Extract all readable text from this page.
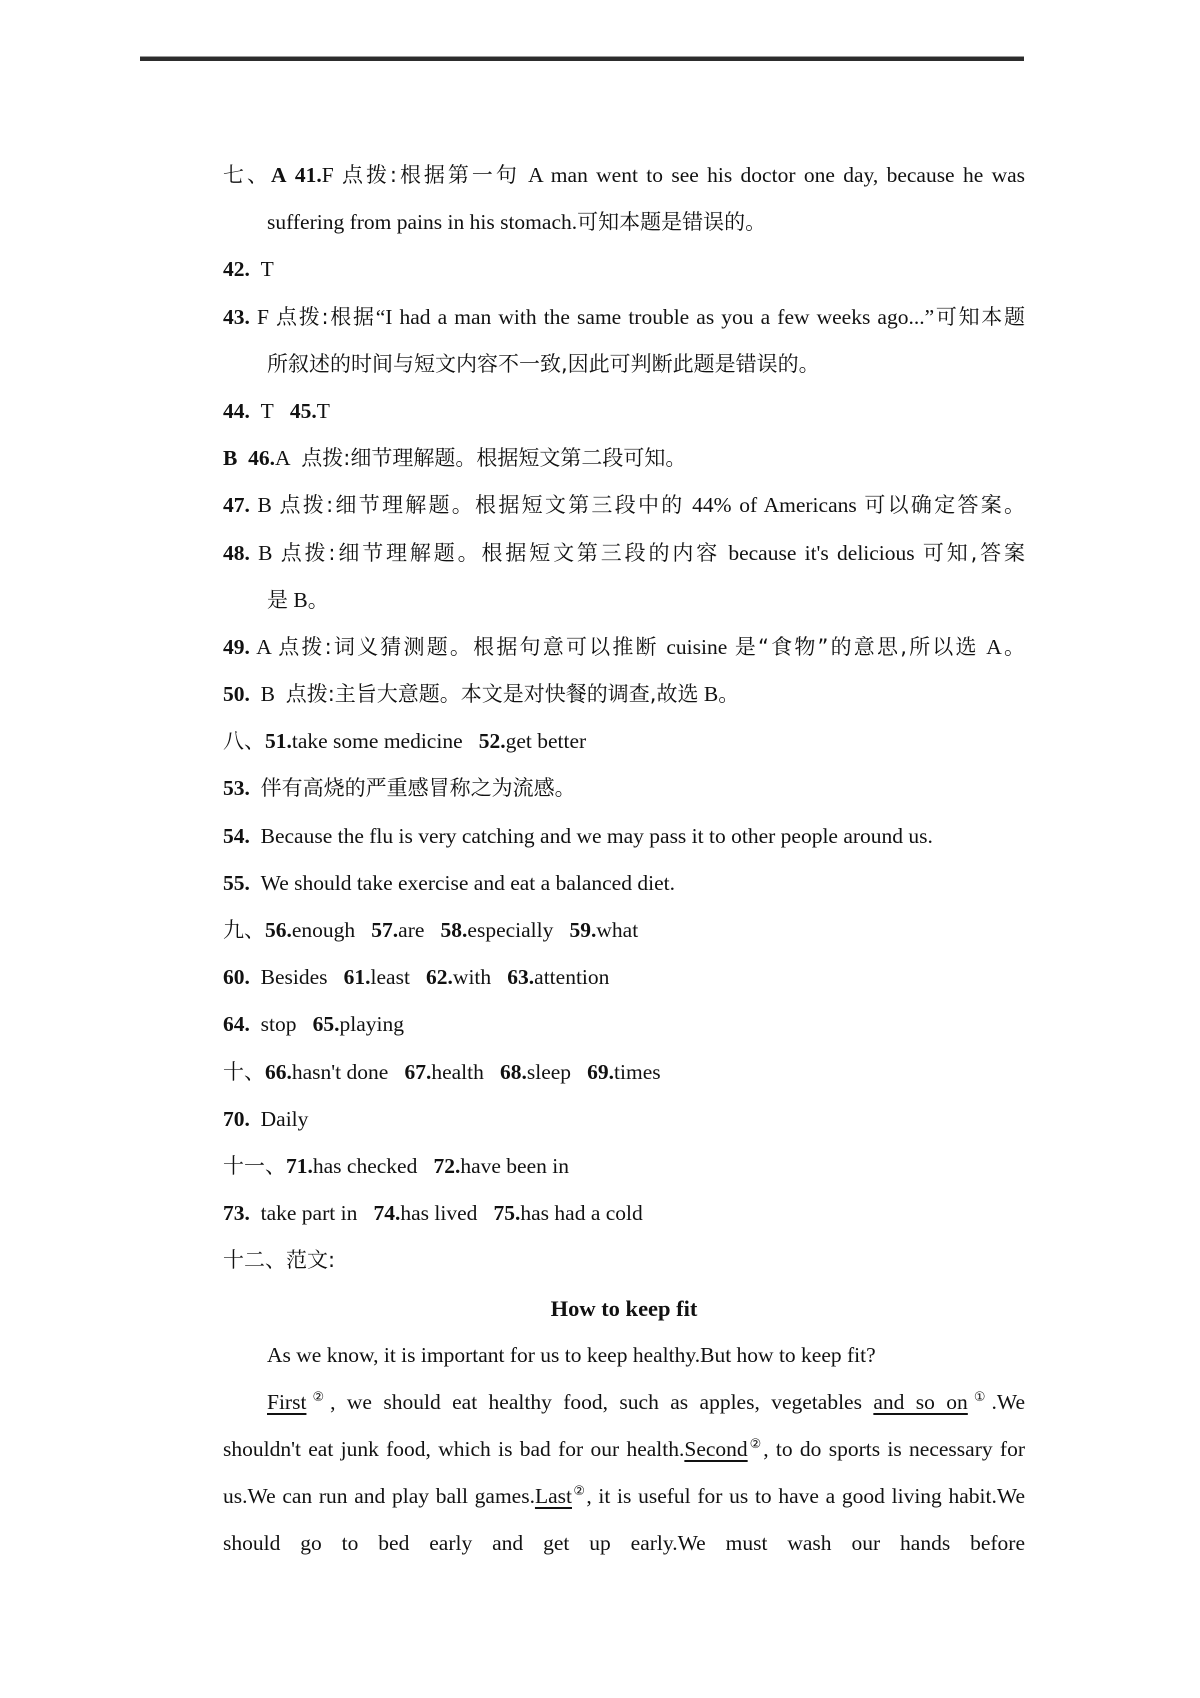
七、A 41.F 点拨:根据第一句 A man went to see his doctor one day, because he was
suffering from pains in his stomach.可知本题是错误的。
42. T
43. F 点拨:根据“I had a man with the same trouble as you a few weeks ago...”可知本题
所叙述的时间与短文内容不一致,因此可判断此题是错误的。
44. T 45.T
B 46.A 点拨:细节理解题。根据短文第二段可知。
47. B 点拨:细节理解题。根据短文第三段中的 44% of Americans 可以确定答案。
48. B 点拨:细节理解题。根据短文第三段的内容 because it's delicious 可知,答案
是 B。
49. A 点拨:词义猜测题。根据句意可以推断 cuisine 是“食物”的意思,所以选 A。
50. B 点拨:主旨大意题。本文是对快餐的调查,故选 B。
八、51.take some medicine 52.get better
53. 伴有高烧的严重感冒称之为流感。
54. Because the flu is very catching and we may pass it to other people around us.
55. We should take exercise and eat a balanced diet.
九、56.enough 57.are 58.especially 59.what
60. Besides 61.least 62.with 63.attention
64. stop 65.playing
十、66.hasn't done 67.health 68.sleep 69.times
70. Daily
十一、71.has checked 72.have been in
73. take part in 74.has lived 75.has had a cold
十二、范文:
How to keep fit
As we know, it is important for us to keep healthy.But how to keep fit?
First②, we should eat healthy food, such as apples, vegetables and so on①.We
shouldn't eat junk food, which is bad for our health.Second②, to do sports is necessary for
us.We can run and play ball games.Last②, it is useful for us to have a good living habit.We
should go to bed early and get up early.We must wash our hands before
